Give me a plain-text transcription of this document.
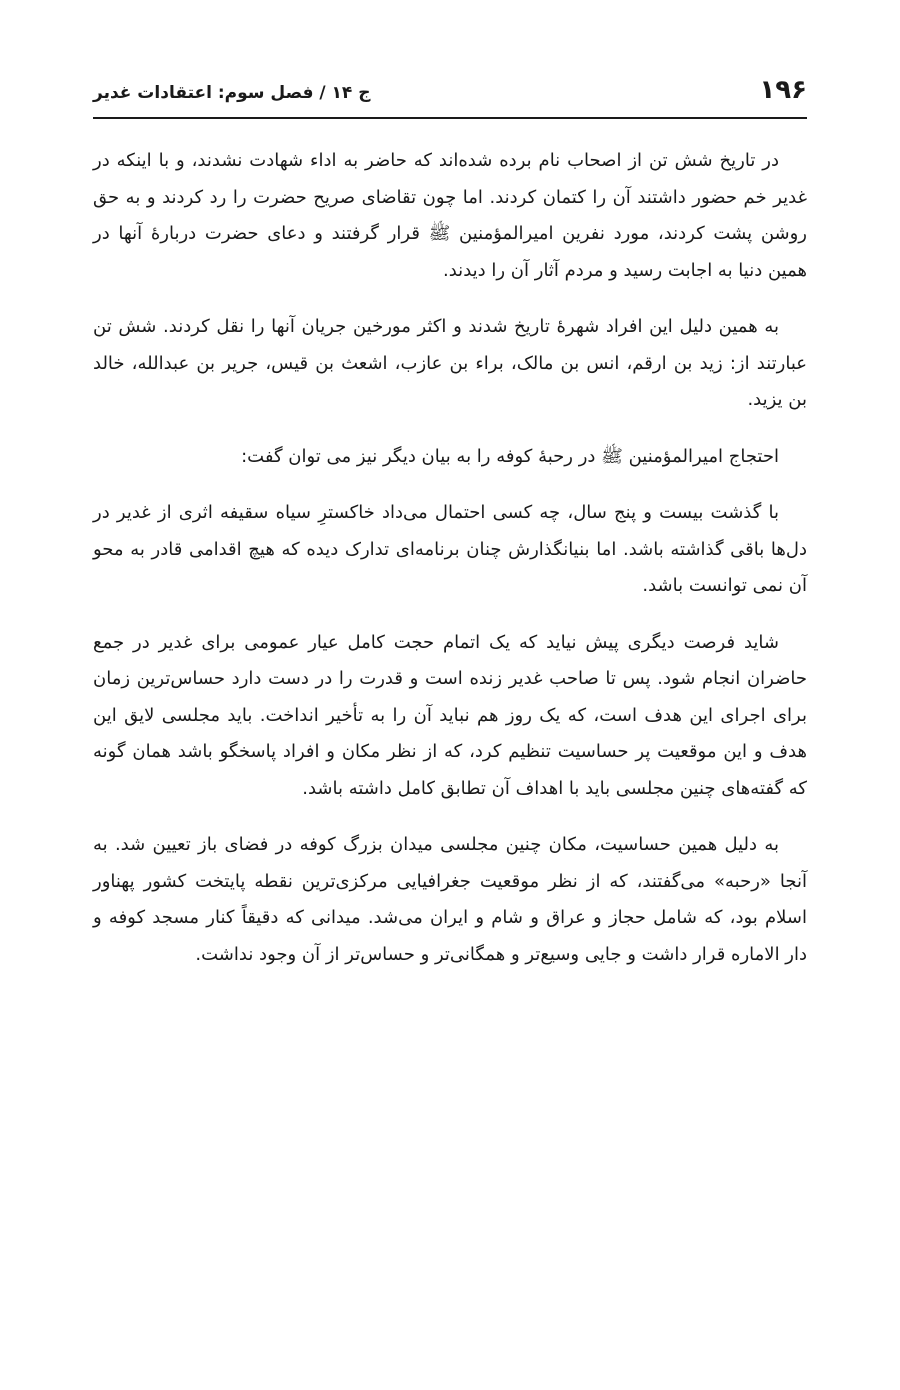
۱۹۶
ج ۱۴ / فصل سوم: اعتقادات غدیر

در تاریخ شش تن از اصحاب نام برده شده‌اند که حاضر به اداء شهادت نشدند، و با اینکه در غدیر خم حضور داشتند آن را کتمان کردند. اما چون تقاضای صریح حضرت را رد کردند و به حق روشن پشت کردند، مورد نفرین امیرالمؤمنین ﷺ قرار گرفتند و دعای حضرت دربارهٔ آنها در همین دنیا به اجابت رسید و مردم آثار آن را دیدند.

به همین دلیل این افراد شهرهٔ تاریخ شدند و اکثر مورخین جریان آنها را نقل کردند. شش تن عبارتند از: زید بن ارقم، انس بن مالک، براء بن عازب، اشعث بن قیس، جریر بن عبدالله، خالد بن یزید.

احتجاج امیرالمؤمنین ﷺ در رحبهٔ کوفه را به بیان دیگر نیز می توان گفت:

با گذشت بیست و پنج سال، چه کسی احتمال می‌داد خاکسترِ سیاه سقیفه اثری از غدیر در دل‌ها باقی گذاشته باشد. اما بنیانگذارش چنان برنامه‌ای تدارک دیده که هیچ اقدامی قادر به محو آن نمی توانست باشد.

شاید فرصت دیگری پیش نیاید که یک اتمام حجت کامل عیار عمومی برای غدیر در جمع حاضران انجام شود. پس تا صاحب غدیر زنده است و قدرت را در دست دارد حساس‌ترین زمان برای اجرای این هدف است، که یک روز هم نباید آن را به تأخیر انداخت. باید مجلسی لایق این هدف و این موقعیت پر حساسیت تنظیم کرد، که از نظر مکان و افراد پاسخگو باشد همان گونه که گفته‌های چنین مجلسی باید با اهداف آن تطابق کامل داشته باشد.

به دلیل همین حساسیت، مکان چنین مجلسی میدان بزرگ کوفه در فضای باز تعیین شد. به آنجا «رحبه» می‌گفتند، که از نظر موقعیت جغرافیایی مرکزی‌ترین نقطه پایتخت کشور پهناور اسلام بود، که شامل حجاز و عراق و شام و ایران می‌شد. میدانی که دقیقاً کنار مسجد کوفه و دار الاماره قرار داشت و جایی وسیع‌تر و همگانی‌تر و حساس‌تر از آن وجود نداشت.
